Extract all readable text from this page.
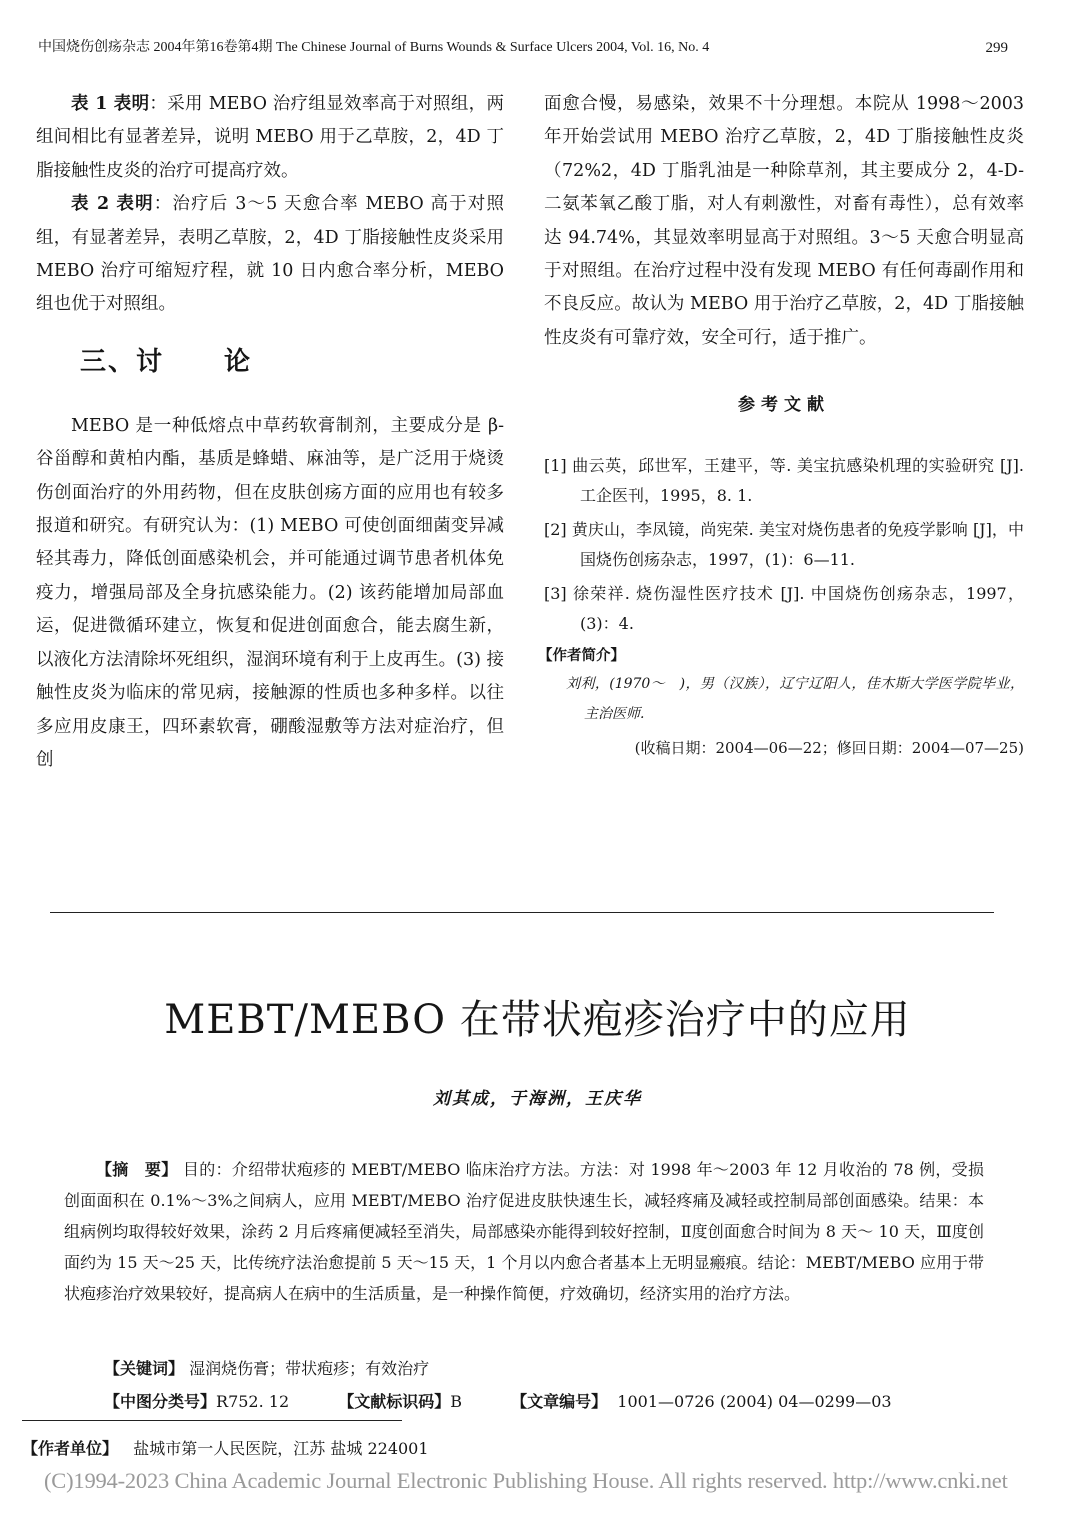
中国烧伤创疡杂志 2004年第16卷第4期 The Chinese Journal of Burns Wounds & Surface Ulcers 2004, Vol. 16, No. 4	299

表 1 表明：采用 MEBO 治疗组显效率高于对照组，两组间相比有显著差异，说明 MEBO 用于乙草胺，2，4D 丁脂接触性皮炎的治疗可提高疗效。

表 2 表明：治疗后 3～5 天愈合率 MEBO 高于对照组，有显著差异，表明乙草胺，2，4D 丁脂接触性皮炎采用 MEBO 治疗可缩短疗程，就 10 日内愈合率分析，MEBO 组也优于对照组。

三、讨 论

MEBO 是一种低熔点中草药软膏制剂，主要成分是 β-谷甾醇和黄柏内酯，基质是蜂蜡、麻油等，是广泛用于烧烫伤创面治疗的外用药物，但在皮肤创疡方面的应用也有较多报道和研究。有研究认为：(1) MEBO 可使创面细菌变异减轻其毒力，降低创面感染机会，并可能通过调节患者机体免疫力，增强局部及全身抗感染能力。(2) 该药能增加局部血运，促进微循环建立，恢复和促进创面愈合，能去腐生新，以液化方法清除坏死组织，湿润环境有利于上皮再生。(3) 接触性皮炎为临床的常见病，接触源的性质也多种多样。以往多应用皮康王，四环素软膏，硼酸湿敷等方法对症治疗，但创

面愈合慢，易感染，效果不十分理想。本院从 1998～2003 年开始尝试用 MEBO 治疗乙草胺，2，4D 丁脂接触性皮炎（72%2，4D 丁脂乳油是一种除草剂，其主要成分 2，4-D-二氨苯氧乙酸丁脂，对人有刺激性，对畜有毒性），总有效率达 94.74%，其显效率明显高于对照组。3～5 天愈合明显高于对照组。在治疗过程中没有发现 MEBO 有任何毒副作用和不良反应。故认为 MEBO 用于治疗乙草胺，2，4D 丁脂接触性皮炎有可靠疗效，安全可行，适于推广。

参考文献

[1] 曲云英，邱世军，王建平，等. 美宝抗感染机理的实验研究 [J]. 工企医刊，1995，8. 1.

[2] 黄庆山，李凤镜，尚宪荣. 美宝对烧伤患者的免疫学影响 [J]，中国烧伤创疡杂志，1997，(1)：6—11.

[3] 徐荣祥. 烧伤湿性医疗技术 [J]. 中国烧伤创疡杂志，1997，(3)：4.

【作者简介】

刘利，(1970～　)，男（汉族），辽宁辽阳人，佳木斯大学医学院毕业，主治医师.

(收稿日期：2004—06—22；修回日期：2004—07—25)

MEBT/MEBO 在带状疱疹治疗中的应用
刘其成，于海洲，王庆华

【摘　要】 目的：介绍带状疱疹的 MEBT/MEBO 临床治疗方法。方法：对 1998 年～2003 年 12 月收治的 78 例，受损创面面积在 0.1%～3%之间病人，应用 MEBT/MEBO 治疗促进皮肤快速生长，减轻疼痛及减轻或控制局部创面感染。结果：本组病例均取得较好效果，涂药 2 月后疼痛便减轻至消失，局部感染亦能得到较好控制，Ⅱ度创面愈合时间为 8 天～ 10 天，Ⅲ度创面约为 15 天～25 天，比传统疗法治愈提前 5 天～15 天，1 个月以内愈合者基本上无明显瘢痕。结论：MEBT/MEBO 应用于带状疱疹治疗效果较好，提高病人在病中的生活质量，是一种操作简便，疗效确切，经济实用的治疗方法。

【关键词】 湿润烧伤膏；带状疱疹；有效治疗
【中图分类号】R752. 12	【文献标识码】B	【文章编号】 1001—0726 (2004) 04—0299—03
【作者单位】 盐城市第一人民医院，江苏 盐城 224001
(C)1994-2023 China Academic Journal Electronic Publishing House. All rights reserved. http://www.cnki.net
